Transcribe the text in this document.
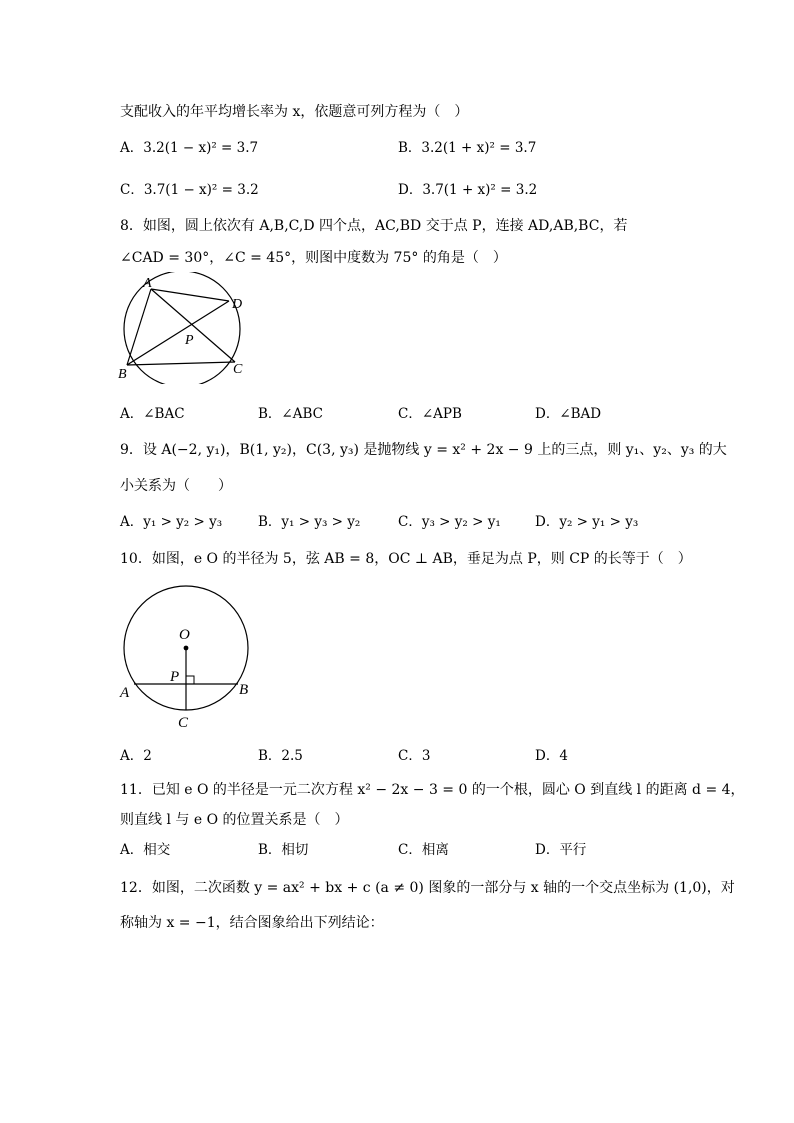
支配收入的年平均增长率为 x，依题意可列方程为（　）
A．3.2(1 − x)² = 3.7	B．3.2(1 + x)² = 3.7
C．3.7(1 − x)² = 3.2	D．3.7(1 + x)² = 3.2
8．如图，圆上依次有 A,B,C,D 四个点，AC,BD 交于点 P，连接 AD,AB,BC，若
∠CAD = 30°，∠C = 45°，则图中度数为 75° 的角是（　）
A
D
P
B	C
A．∠BAC	B．∠ABC	C．∠APB	D．∠BAD
9．设 A(−2, y₁)，B(1, y₂)，C(3, y₃) 是抛物线 y = x² + 2x − 9 上的三点，则 y₁、y₂、y₃ 的大
小关系为（　　）
A．y₁ > y₂ > y₃	B．y₁ > y₃ > y₂	C．y₃ > y₂ > y₁	D．y₂ > y₁ > y₃
10．如图，e O 的半径为 5，弦 AB = 8，OC ⊥ AB，垂足为点 P，则 CP 的长等于（　）
O
P
A	B
C
A．2	B．2.5	C．3	D．4
11．已知 e O 的半径是一元二次方程 x² − 2x − 3 = 0 的一个根，圆心 O 到直线 l 的距离 d = 4，
则直线 l 与 e O 的位置关系是（　）
A．相交	B．相切	C．相离	D．平行
12．如图，二次函数 y = ax² + bx + c (a ≠ 0) 图象的一部分与 x 轴的一个交点坐标为 (1,0)，对
称轴为 x = −1，结合图象给出下列结论：
